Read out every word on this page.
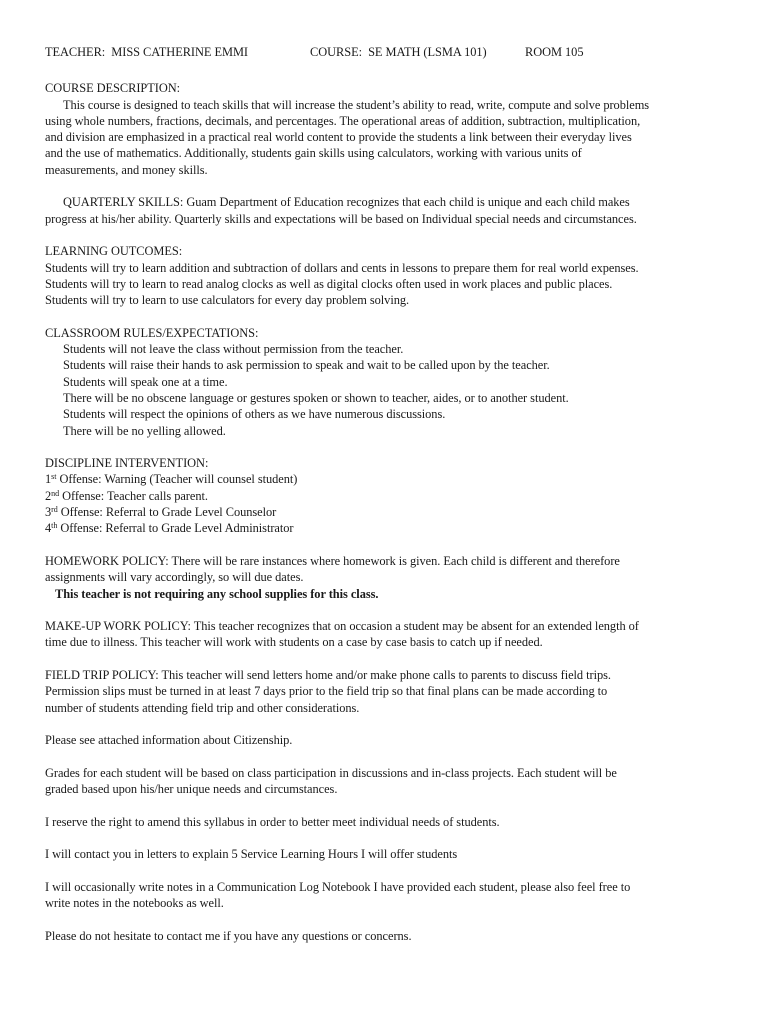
TEACHER:  MISS CATHERINE EMMI	COURSE:  SE MATH (LSMA 101)	ROOM 105
COURSE DESCRIPTION:
This course is designed to teach skills that will increase the student’s ability to read, write, compute and solve problems
using whole numbers, fractions, decimals, and percentages. The operational areas of addition, subtraction, multiplication,
and division are emphasized in a practical real world content to provide the students a link between their everyday lives
and the use of mathematics. Additionally, students gain skills using calculators, working with various units of
measurements, and money skills.
QUARTERLY SKILLS: Guam Department of Education recognizes that each child is unique and each child makes
progress at his/her ability. Quarterly skills and expectations will be based on Individual special needs and circumstances.
LEARNING OUTCOMES:
Students will try to learn addition and subtraction of dollars and cents in lessons to prepare them for real world expenses.
Students will try to learn to read analog clocks as well as digital clocks often used in work places and public places.
Students will try to learn to use calculators for every day problem solving.
CLASSROOM RULES/EXPECTATIONS:
Students will not leave the class without permission from the teacher.
Students will raise their hands to ask permission to speak and wait to be called upon by the teacher.
Students will speak one at a time.
There will be no obscene language or gestures spoken or shown to teacher, aides, or to another student.
Students will respect the opinions of others as we have numerous discussions.
There will be no yelling allowed.
DISCIPLINE INTERVENTION:
1st Offense: Warning (Teacher will counsel student)
2nd Offense: Teacher calls parent.
3rd Offense: Referral to Grade Level Counselor
4th Offense: Referral to Grade Level Administrator
HOMEWORK POLICY: There will be rare instances where homework is given. Each child is different and therefore
assignments will vary accordingly, so will due dates.
This teacher is not requiring any school supplies for this class.
MAKE-UP WORK POLICY: This teacher recognizes that on occasion a student may be absent for an extended length of
time due to illness. This teacher will work with students on a case by case basis to catch up if needed.
FIELD TRIP POLICY: This teacher will send letters home and/or make phone calls to parents to discuss field trips.
Permission slips must be turned in at least 7 days prior to the field trip so that final plans can be made according to
number of students attending field trip and other considerations.
Please see attached information about Citizenship.
Grades for each student will be based on class participation in discussions and in-class projects. Each student will be
graded based upon his/her unique needs and circumstances.
I reserve the right to amend this syllabus in order to better meet individual needs of students.
I will contact you in letters to explain 5 Service Learning Hours I will offer students
I will occasionally write notes in a Communication Log Notebook I have provided each student, please also feel free to
write notes in the notebooks as well.
Please do not hesitate to contact me if you have any questions or concerns.
